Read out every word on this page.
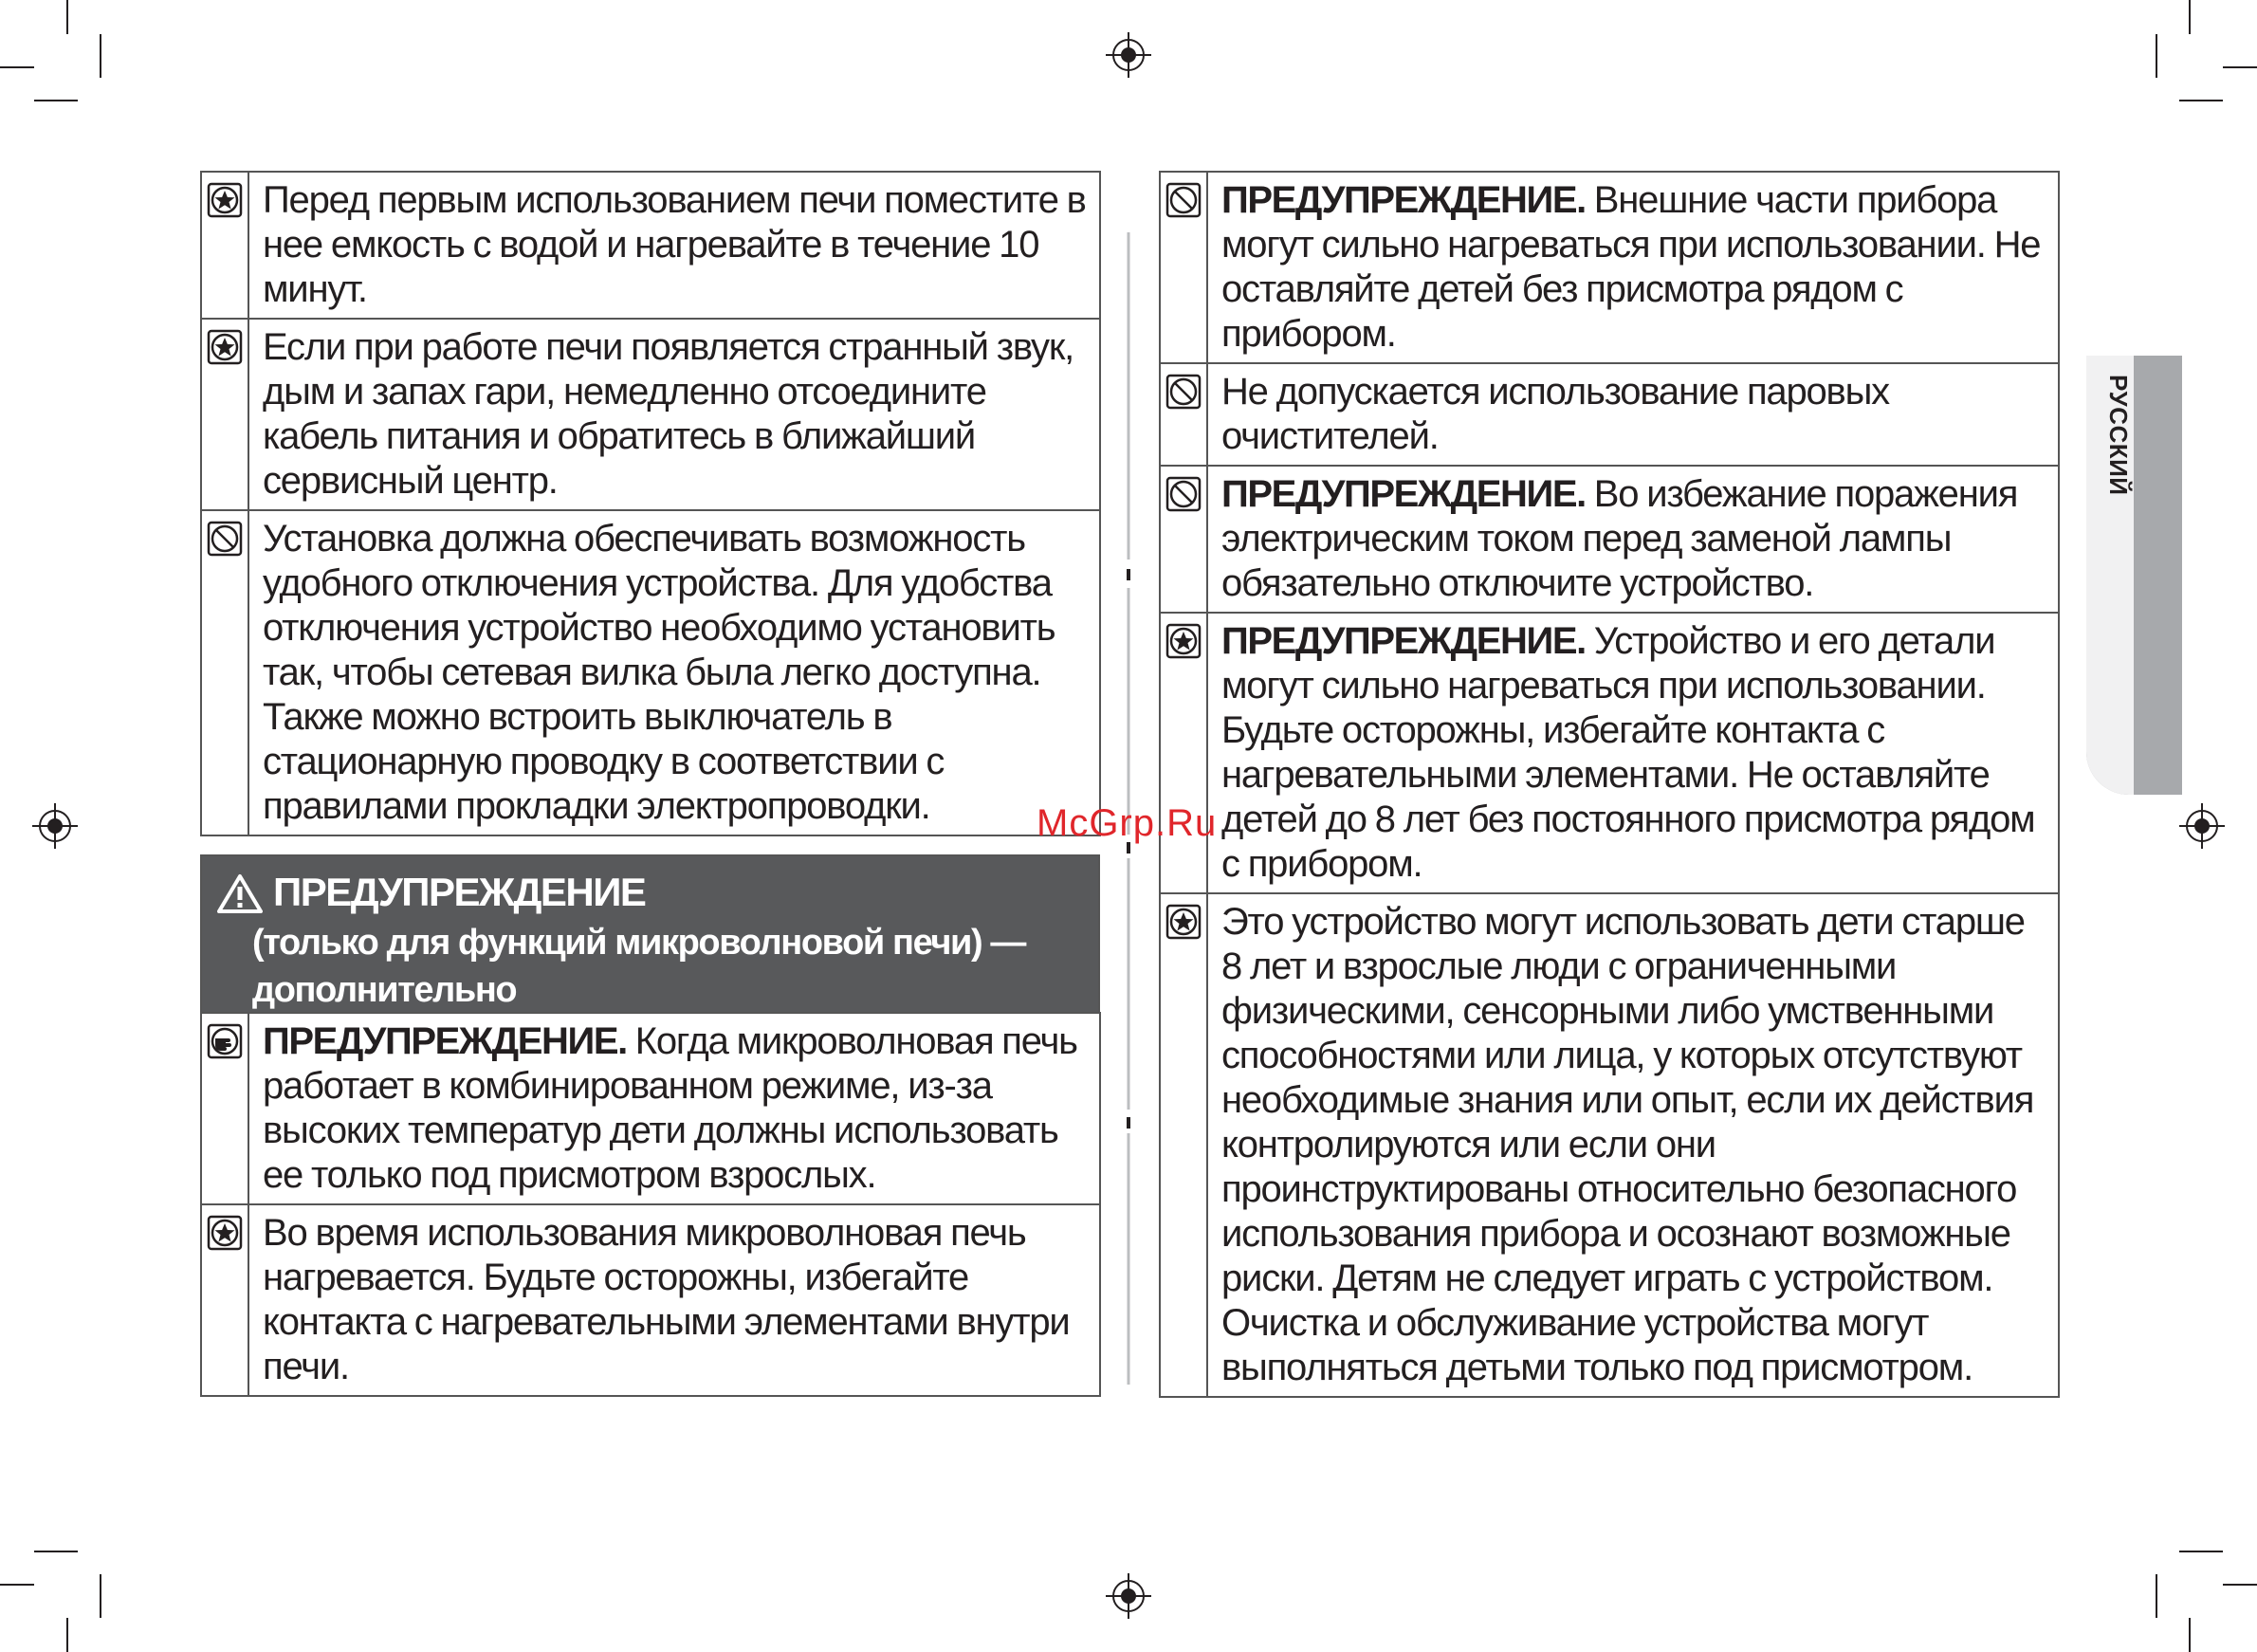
	Перед первым использованием печи поместите в нее емкость с водой и нагревайте в течение 10 минут.
	Если при работе печи появляется странный звук, дым и запах гари, немедленно отсоедините кабель питания и обратитесь в ближайший сервисный центр.
	Установка должна обеспечивать возможность удобного отключения устройства. Для удобства отключения устройство необходимо установить так, чтобы сетевая вилка была легко доступна. Также можно встроить выключатель в стационарную проводку в соответствии с правилами прокладки электропроводки.
ПРЕДУПРЕЖДЕНИЕ
(только для функций микроволновой печи) — дополнительно
	ПРЕДУПРЕЖДЕНИЕ. Когда микроволновая печь работает в комбинированном режиме, из-за высоких температур дети должны использовать ее только под присмотром взрослых.
	Во время использования микроволновая печь нагревается. Будьте осторожны, избегайте контакта с нагревательными элементами внутри печи.
	ПРЕДУПРЕЖДЕНИЕ. Внешние части прибора могут сильно нагреваться при использовании. Не оставляйте детей без присмотра рядом с прибором.
	Не допускается использование паровых очистителей.
	ПРЕДУПРЕЖДЕНИЕ. Во избежание поражения электрическим током перед заменой лампы обязательно отключите устройство.
	ПРЕДУПРЕЖДЕНИЕ. Устройство и его детали могут сильно нагреваться при использовании. Будьте осторожны, избегайте контакта с нагревательными элементами. Не оставляйте детей до 8 лет без постоянного присмотра рядом с прибором.
	Это устройство могут использовать дети старше 8 лет и взрослые люди с ограниченными физическими, сенсорными либо умственными способностями или лица, у которых отсутствуют необходимые знания или опыт, если их действия контролируются или если они проинструктированы относительно безопасного использования прибора и осознают возможные риски. Детям не следует играть с устройством. Очистка и обслуживание устройства могут выполняться детьми только под присмотром.
РУССКИЙ
McGrp.Ru
